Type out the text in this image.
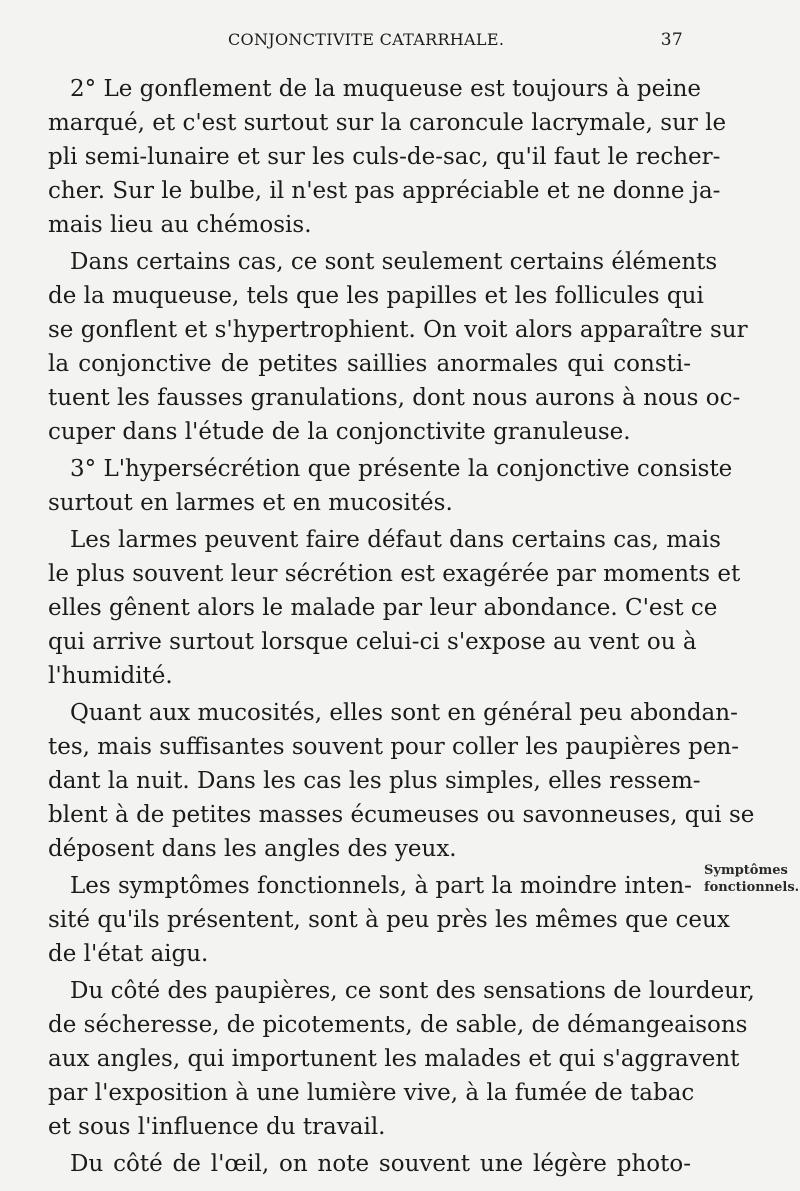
CONJONCTIVITE CATARRHALE.	37
2° Le gonflement de la muqueuse est toujours à peine
marqué, et c'est surtout sur la caroncule lacrymale, sur le
pli semi-lunaire et sur les culs-de-sac, qu'il faut le recher-
cher. Sur le bulbe, il n'est pas appréciable et ne donne ja-
mais lieu au chémosis.
Dans certains cas, ce sont seulement certains éléments
de la muqueuse, tels que les papilles et les follicules qui
se gonflent et s'hypertrophient. On voit alors apparaître sur
la conjonctive de petites saillies anormales qui consti-
tuent les fausses granulations, dont nous aurons à nous oc-
cuper dans l'étude de la conjonctivite granuleuse.
3° L'hypersécrétion que présente la conjonctive consiste
surtout en larmes et en mucosités.
Les larmes peuvent faire défaut dans certains cas, mais
le plus souvent leur sécrétion est exagérée par moments et
elles gênent alors le malade par leur abondance. C'est ce
qui arrive surtout lorsque celui-ci s'expose au vent ou à
l'humidité.
Quant aux mucosités, elles sont en général peu abondan-
tes, mais suffisantes souvent pour coller les paupières pen-
dant la nuit. Dans les cas les plus simples, elles ressem-
blent à de petites masses écumeuses ou savonneuses, qui se
déposent dans les angles des yeux.
Les symptômes fonctionnels, à part la moindre inten-
sité qu'ils présentent, sont à peu près les mêmes que ceux
de l'état aigu.
Du côté des paupières, ce sont des sensations de lourdeur,
de sécheresse, de picotements, de sable, de démangeaisons
aux angles, qui importunent les malades et qui s'aggravent
par l'exposition à une lumière vive, à la fumée de tabac
et sous l'influence du travail.
Du côté de l'œil, on note souvent une légère photo-
Symptômes
fonctionnels.
